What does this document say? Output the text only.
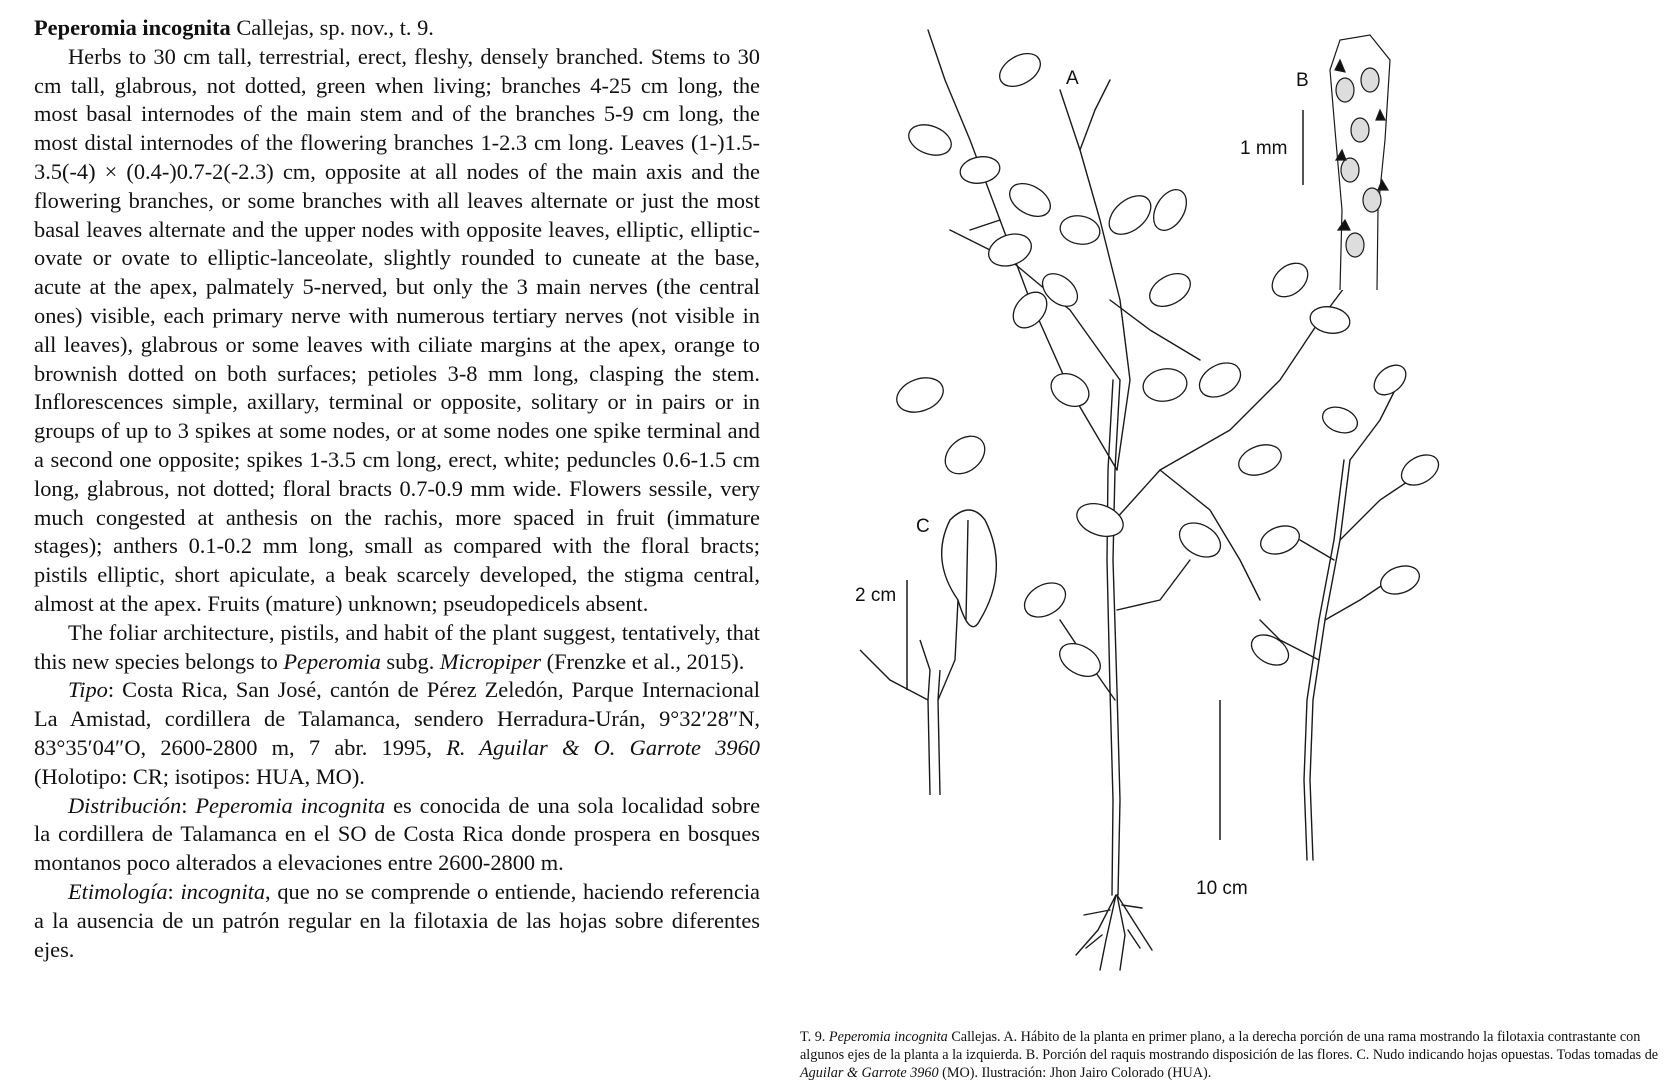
Peperomia incognita Callejas, sp. nov., t. 9.

Herbs to 30 cm tall, terrestrial, erect, fleshy, densely branched. Stems to 30 cm tall, glabrous, not dotted, green when living; branches 4-25 cm long, the most basal internodes of the main stem and of the branches 5-9 cm long, the most distal internodes of the flowering branches 1-2.3 cm long. Leaves (1-)1.5-3.5(-4) × (0.4-)0.7-2(-2.3) cm, opposite at all nodes of the main axis and the flowering branches, or some branches with all leaves alternate or just the most basal leaves alternate and the upper nodes with opposite leaves, elliptic, elliptic-ovate or ovate to elliptic-lanceolate, slightly rounded to cuneate at the base, acute at the apex, palmately 5-nerved, but only the 3 main nerves (the central ones) visible, each primary nerve with numerous tertiary nerves (not visible in all leaves), glabrous or some leaves with ciliate margins at the apex, orange to brownish dotted on both surfaces; petioles 3-8 mm long, clasping the stem. Inflorescences simple, axillary, terminal or opposite, solitary or in pairs or in groups of up to 3 spikes at some nodes, or at some nodes one spike terminal and a second one opposite; spikes 1-3.5 cm long, erect, white; peduncles 0.6-1.5 cm long, glabrous, not dotted; floral bracts 0.7-0.9 mm wide. Flowers sessile, very much congested at anthesis on the rachis, more spaced in fruit (immature stages); anthers 0.1-0.2 mm long, small as compared with the floral bracts; pistils elliptic, short apiculate, a beak scarcely developed, the stigma central, almost at the apex. Fruits (mature) unknown; pseudopedicels absent.

The foliar architecture, pistils, and habit of the plant suggest, tentatively, that this new species belongs to Peperomia subg. Micropiper (Frenzke et al., 2015).

Tipo: Costa Rica, San José, cantón de Pérez Zeledón, Parque Internacional La Amistad, cordillera de Talamanca, sendero Herradura-Urán, 9°32′28″N, 83°35′04″O, 2600-2800 m, 7 abr. 1995, R. Aguilar & O. Garrote 3960 (Holotipo: CR; isotipos: HUA, MO).

Distribución: Peperomia incognita es conocida de una sola localidad sobre la cordillera de Talamanca en el SO de Costa Rica donde prospera en bosques montanos poco alterados a elevaciones entre 2600-2800 m.

Etimología: incognita, que no se comprende o entiende, haciendo referencia a la ausencia de un patrón regular en la filotaxia de las hojas sobre diferentes ejes.

A	B
C
1 mm
2 cm
10 cm
T. 9. Peperomia incognita Callejas. A. Hábito de la planta en primer plano, a la derecha porción de una rama mostrando la filotaxia contrastante con algunos ejes de la planta a la izquierda. B. Porción del raquis mostrando disposición de las flores. C. Nudo indicando hojas opuestas. Todas tomadas de Aguilar & Garrote 3960 (MO). Ilustración: Jhon Jairo Colorado (HUA).
